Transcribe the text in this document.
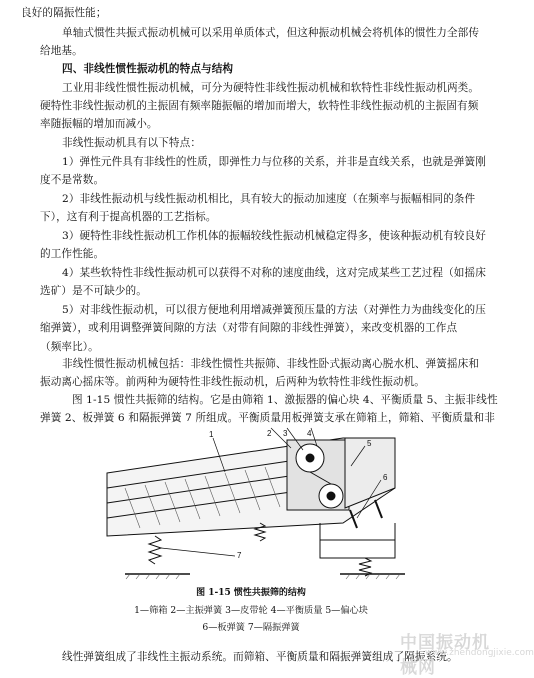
良好的隔振性能；
单轴式惯性共振式振动机械可以采用单质体式，但这种振动机械会将机体的惯性力全部传
给地基。
四、非线性惯性振动机的特点与结构
工业用非线性惯性振动机械，可分为硬特性非线性振动机械和软特性非线性振动机两类。
硬特性非线性振动机的主振固有频率随振幅的增加而增大，软特性非线性振动机的主振固有频
率随振幅的增加而减小。
非线性振动机具有以下特点：
1）弹性元件具有非线性的性质，即弹性力与位移的关系，并非是直线关系，也就是弹簧刚
度不是常数。
2）非线性振动机与线性振动机相比，具有较大的振动加速度（在频率与振幅相同的条件
下），这有利于提高机器的工艺指标。
3）硬特性非线性振动机工作机体的振幅较线性振动机械稳定得多，使该种振动机有较良好
的工作性能。
4）某些软特性非线性振动机可以获得不对称的速度曲线，这对完成某些工艺过程（如摇床
选矿）是不可缺少的。
5）对非线性振动机，可以很方便地利用增减弹簧预压量的方法（对弹性力为曲线变化的压
缩弹簧），或利用调整弹簧间隙的方法（对带有间隙的非线性弹簧），来改变机器的工作点
（频率比）。
非线性惯性振动机械包括：非线性惯性共振筛、非线性卧式振动离心脱水机、弹簧摇床和
振动离心摇床等。前两种为硬特性非线性振动机，后两种为软特性非线性振动机。
图 1-15 惯性共振筛的结构。它是由筛箱 1、激振器的偏心块 4、平衡质量 5、主振非线性
弹簧 2、板弹簧 6 和隔振弹簧 7 所组成。平衡质量用板弹簧支承在筛箱上，筛箱、平衡质量和非
1	2 3 4
5
6
7
图 1-15 惯性共振筛的结构
1—筛箱 2—主振弹簧 3—皮带轮 4—平衡质量 5—偏心块
6—板弹簧 7—隔振弹簧
线性弹簧组成了非线性主振动系统。而筛箱、平衡质量和隔振弹簧组成了隔振系统。
中国振动机械网
www.zhendongjixie.com
